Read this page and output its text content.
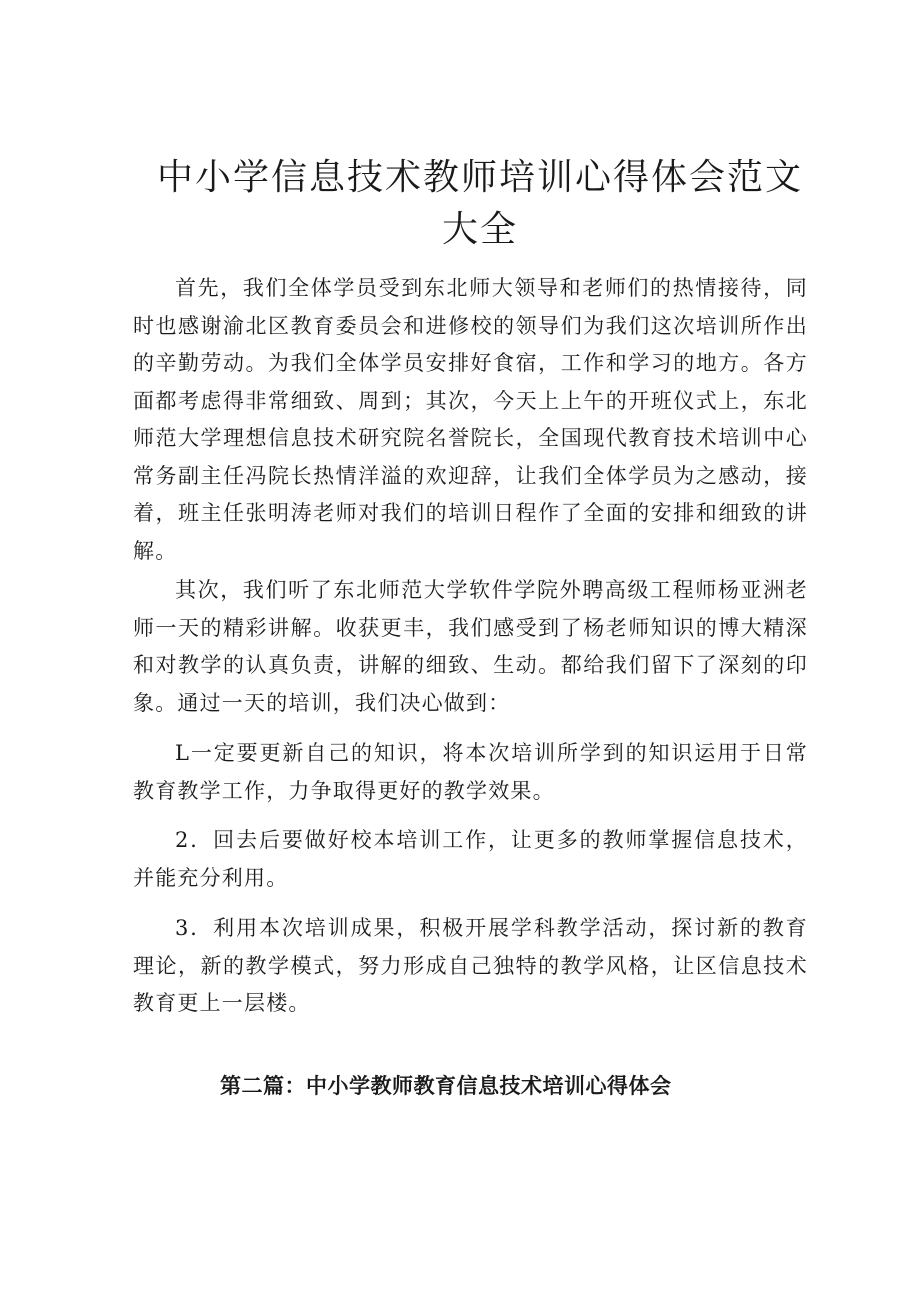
中小学信息技术教师培训心得体会范文大全

首先，我们全体学员受到东北师大领导和老师们的热情接待，同时也感谢渝北区教育委员会和进修校的领导们为我们这次培训所作出的辛勤劳动。为我们全体学员安排好食宿，工作和学习的地方。各方面都考虑得非常细致、周到；其次，今天上上午的开班仪式上，东北师范大学理想信息技术研究院名誉院长，全国现代教育技术培训中心常务副主任冯院长热情洋溢的欢迎辞，让我们全体学员为之感动，接着，班主任张明涛老师对我们的培训日程作了全面的安排和细致的讲解。

其次，我们听了东北师范大学软件学院外聘高级工程师杨亚洲老师一天的精彩讲解。收获更丰，我们感受到了杨老师知识的博大精深和对教学的认真负责，讲解的细致、生动。都给我们留下了深刻的印象。通过一天的培训，我们决心做到：

L一定要更新自己的知识，将本次培训所学到的知识运用于日常教育教学工作，力争取得更好的教学效果。

2．回去后要做好校本培训工作，让更多的教师掌握信息技术，并能充分利用。

3．利用本次培训成果，积极开展学科教学活动，探讨新的教育理论，新的教学模式，努力形成自己独特的教学风格，让区信息技术教育更上一层楼。

第二篇：中小学教师教育信息技术培训心得体会
